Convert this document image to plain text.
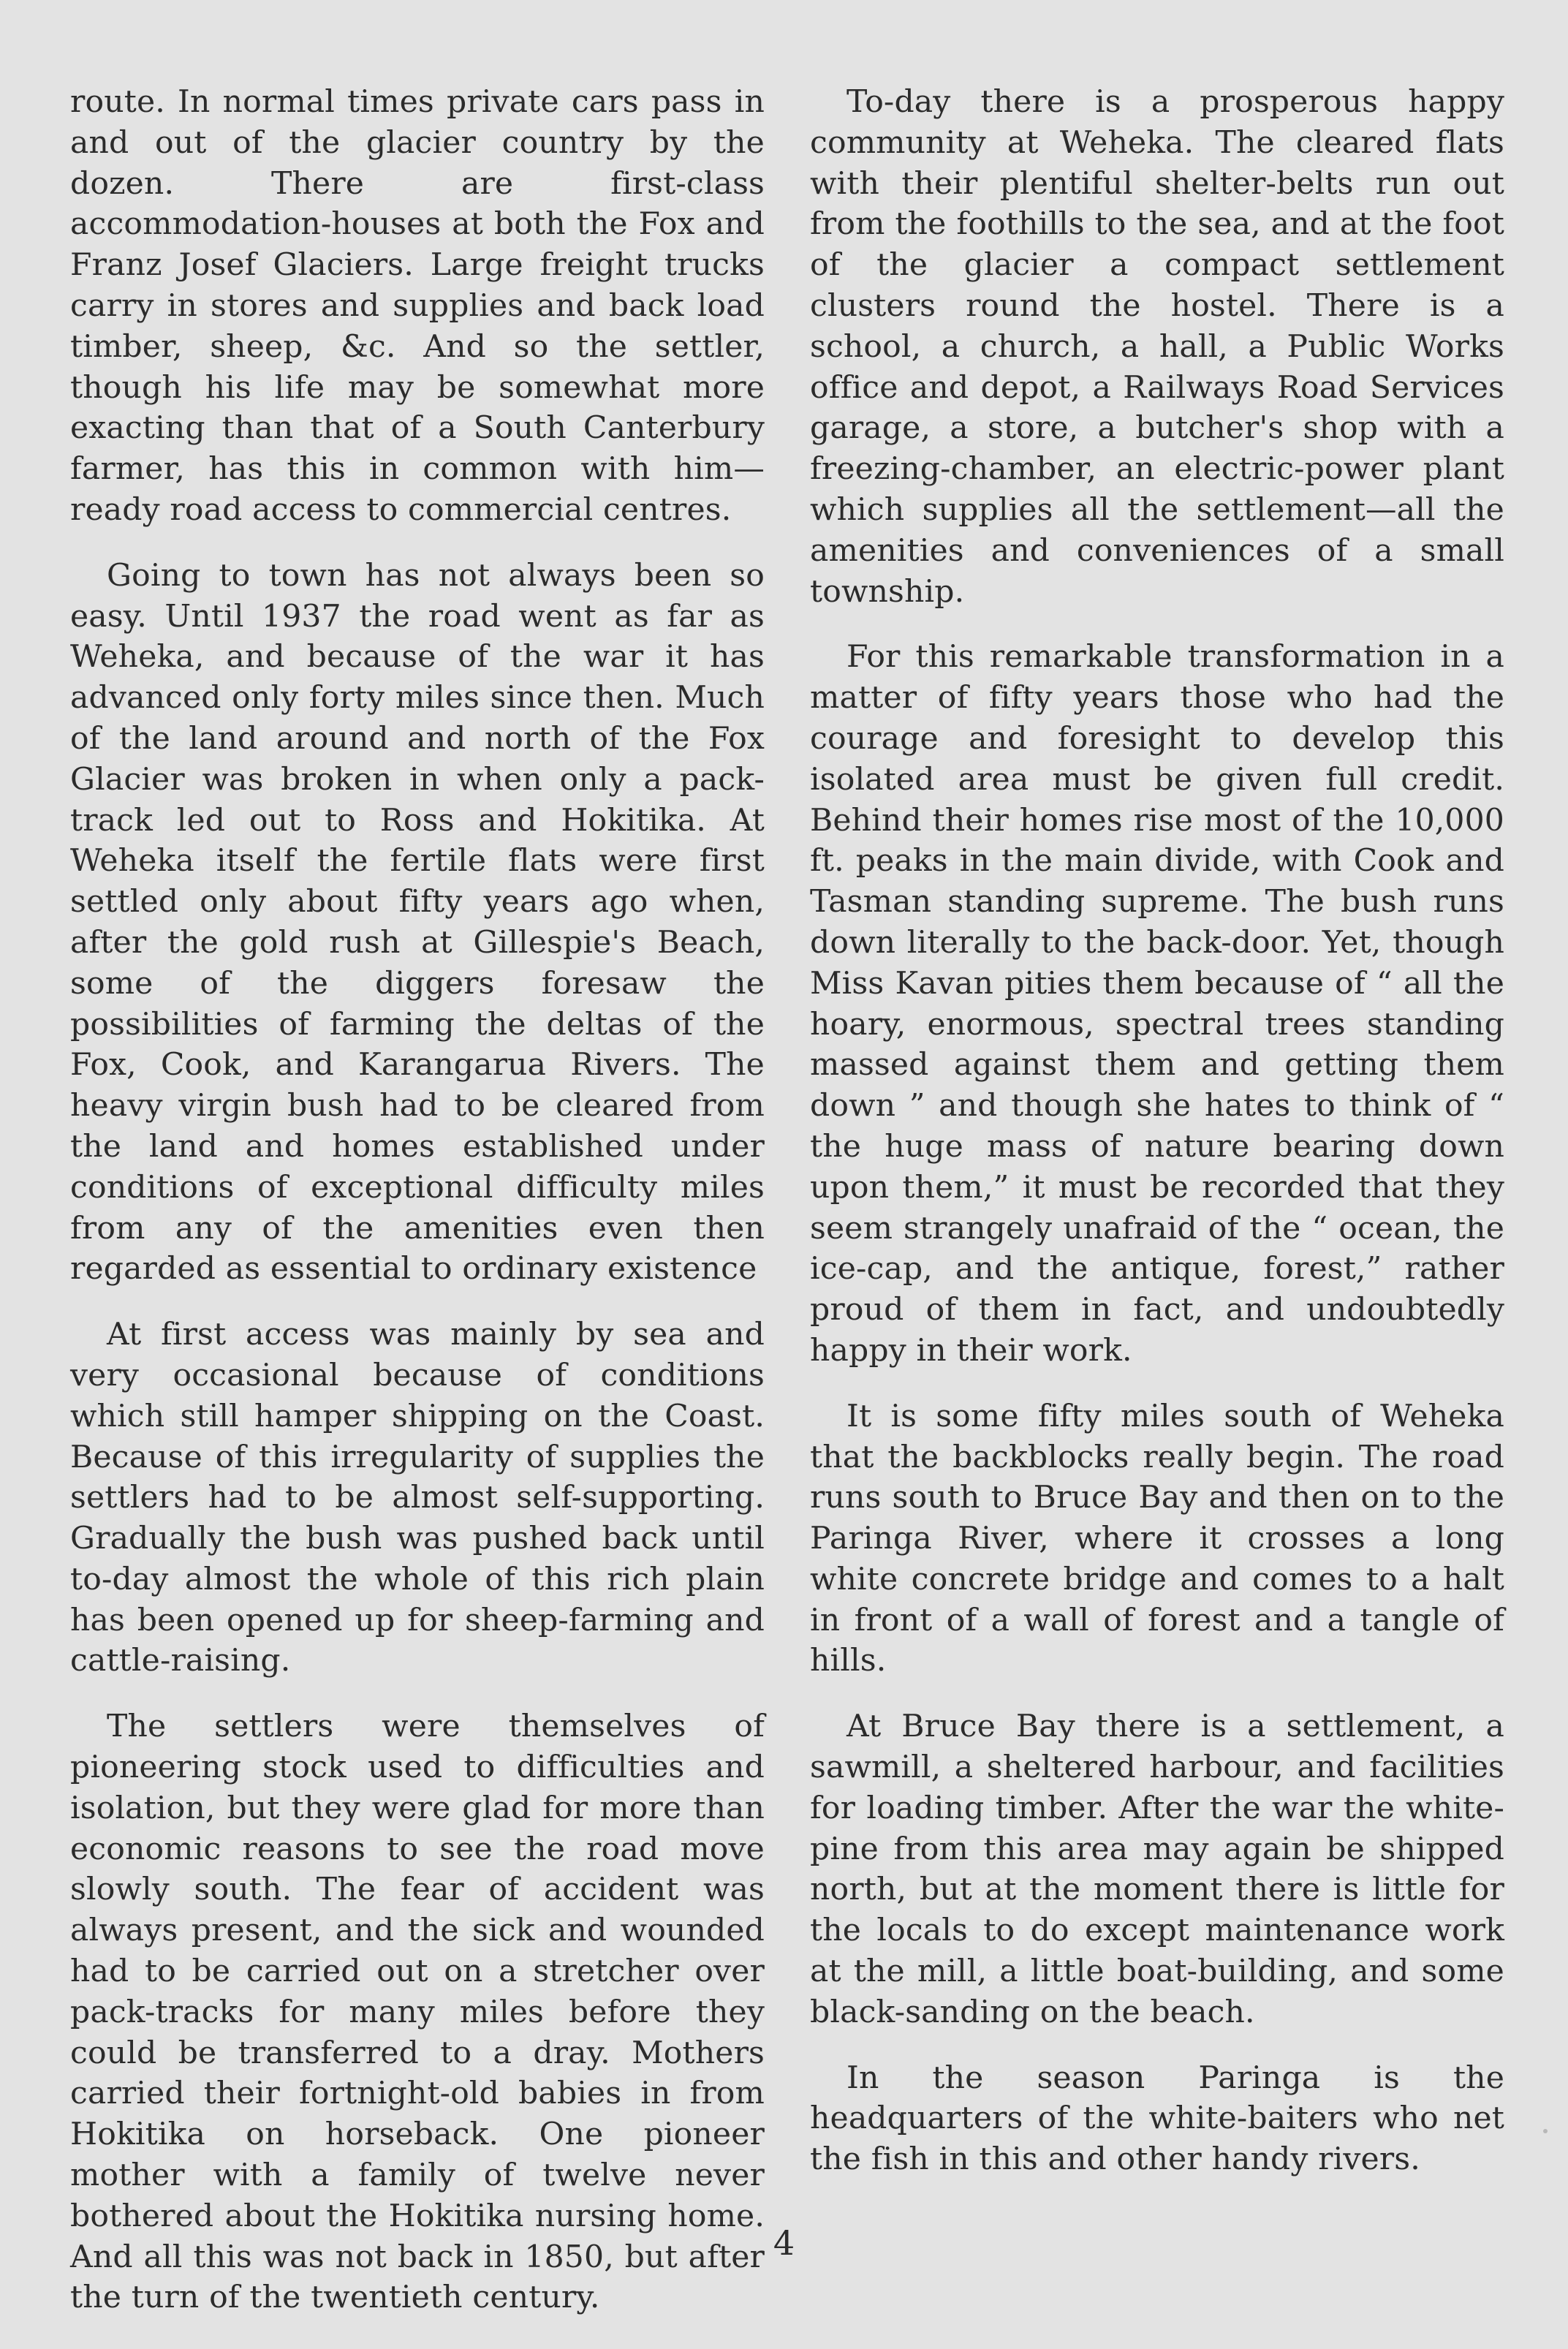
route. In normal times private cars pass in and out of the glacier country by the dozen. There are first-class accommodation-houses at both the Fox and Franz Josef Glaciers. Large freight trucks carry in stores and supplies and back load timber, sheep, &c. And so the settler, though his life may be somewhat more exacting than that of a South Canterbury farmer, has this in common with him—ready road access to commercial centres.

Going to town has not always been so easy. Until 1937 the road went as far as Weheka, and because of the war it has advanced only forty miles since then. Much of the land around and north of the Fox Glacier was broken in when only a pack-track led out to Ross and Hokitika. At Weheka itself the fertile flats were first settled only about fifty years ago when, after the gold rush at Gillespie's Beach, some of the diggers foresaw the possibilities of farming the deltas of the Fox, Cook, and Karangarua Rivers. The heavy virgin bush had to be cleared from the land and homes established under conditions of exceptional difficulty miles from any of the amenities even then regarded as essential to ordinary existence

At first access was mainly by sea and very occasional because of conditions which still hamper shipping on the Coast. Because of this irregularity of supplies the settlers had to be almost self-supporting. Gradually the bush was pushed back until to-day almost the whole of this rich plain has been opened up for sheep-farming and cattle-raising.

The settlers were themselves of pioneering stock used to difficulties and isolation, but they were glad for more than economic reasons to see the road move slowly south. The fear of accident was always present, and the sick and wounded had to be carried out on a stretcher over pack-tracks for many miles before they could be transferred to a dray. Mothers carried their fortnight-old babies in from Hokitika on horseback. One pioneer mother with a family of twelve never bothered about the Hokitika nursing home. And all this was not back in 1850, but after the turn of the twentieth century.

To-day there is a prosperous happy community at Weheka. The cleared flats with their plentiful shelter-belts run out from the foothills to the sea, and at the foot of the glacier a compact settlement clusters round the hostel. There is a school, a church, a hall, a Public Works office and depot, a Railways Road Services garage, a store, a butcher's shop with a freezing-chamber, an electric-power plant which supplies all the settlement—all the amenities and conveniences of a small township.

For this remarkable transformation in a matter of fifty years those who had the courage and foresight to develop this isolated area must be given full credit. Behind their homes rise most of the 10,000 ft. peaks in the main divide, with Cook and Tasman standing supreme. The bush runs down literally to the back-door. Yet, though Miss Kavan pities them because of “ all the hoary, enormous, spectral trees standing massed against them and getting them down ” and though she hates to think of “ the huge mass of nature bearing down upon them,” it must be recorded that they seem strangely unafraid of the “ ocean, the ice-cap, and the antique, forest,” rather proud of them in fact, and undoubtedly happy in their work.

It is some fifty miles south of Weheka that the backblocks really begin. The road runs south to Bruce Bay and then on to the Paringa River, where it crosses a long white concrete bridge and comes to a halt in front of a wall of forest and a tangle of hills.

At Bruce Bay there is a settlement, a sawmill, a sheltered harbour, and facilities for loading timber. After the war the white-pine from this area may again be shipped north, but at the moment there is little for the locals to do except maintenance work at the mill, a little boat-building, and some black-sanding on the beach.

In the season Paringa is the headquarters of the white-baiters who net the fish in this and other handy rivers.

4
